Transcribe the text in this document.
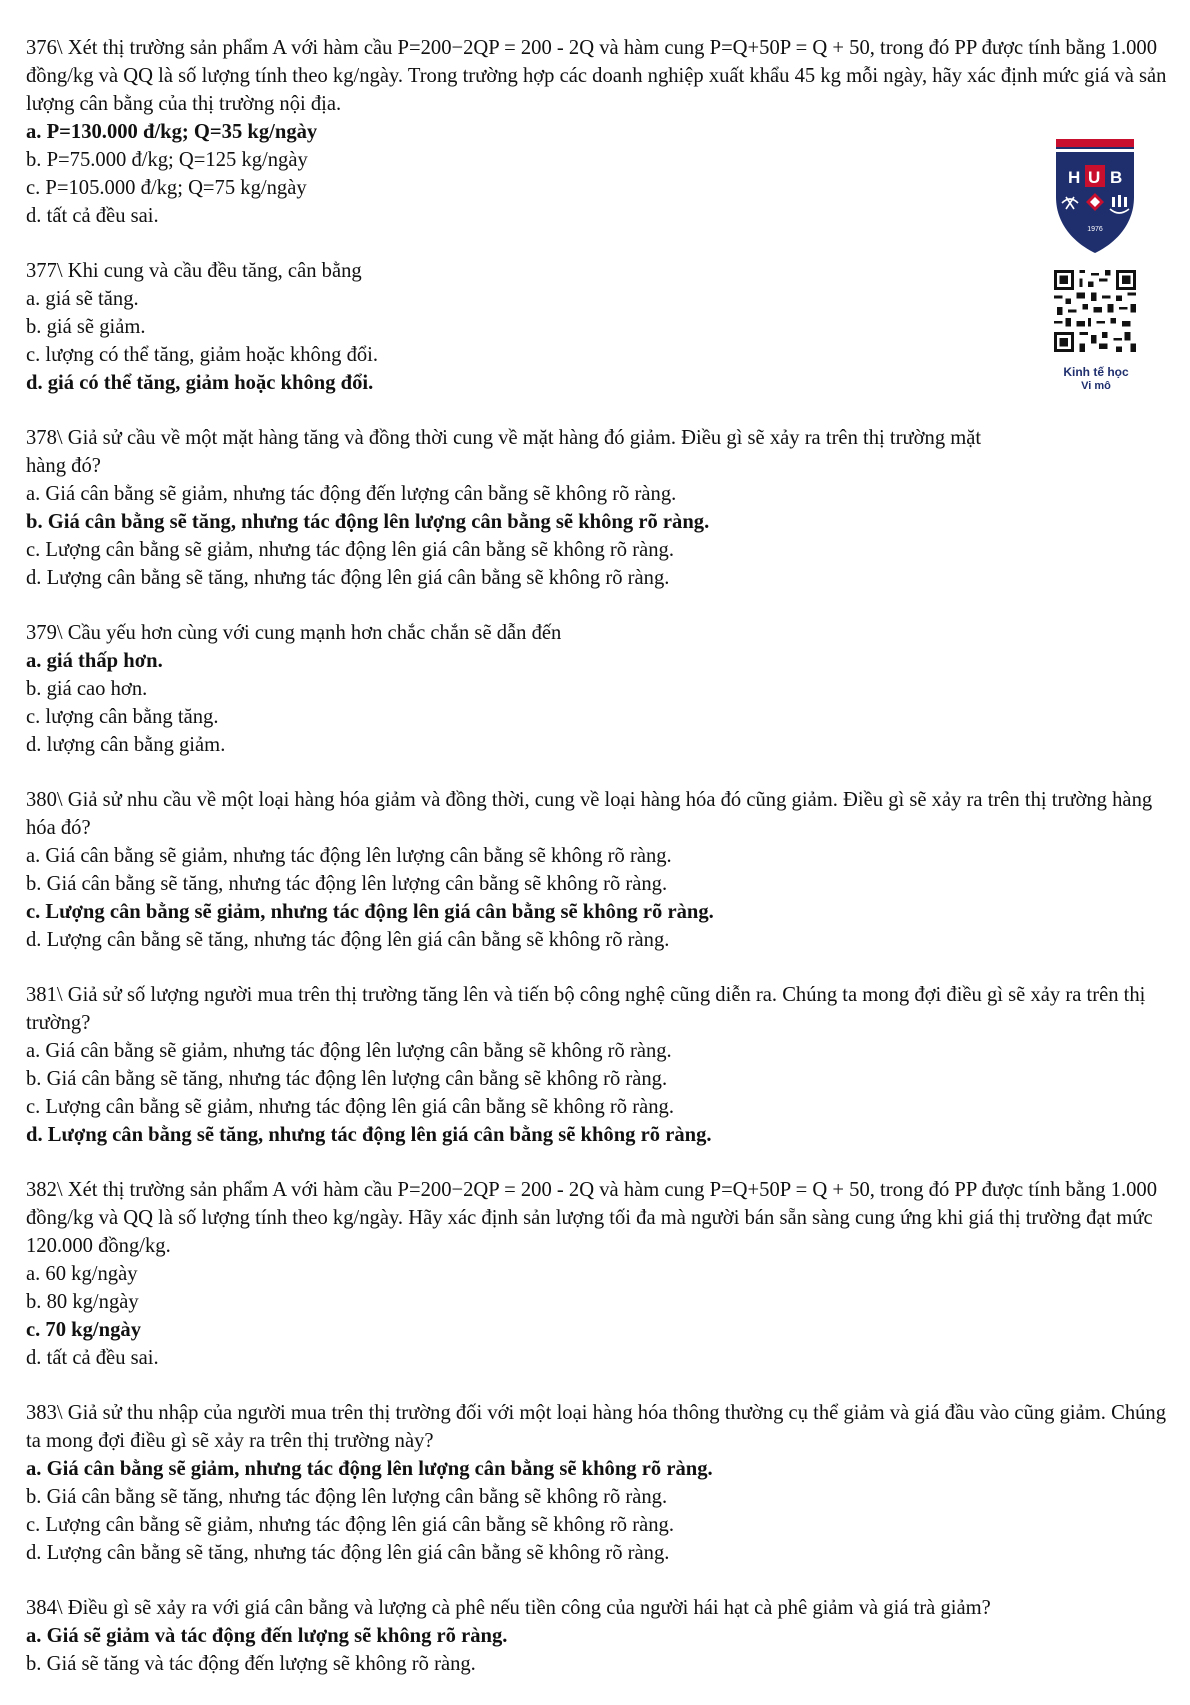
376\ Xét thị trường sản phẩm A với hàm cầu P=200−2QP = 200 - 2Q và hàm cung P=Q+50P = Q + 50, trong đó PP được tính bằng 1.000 đồng/kg và QQ là số lượng tính theo kg/ngày. Trong trường hợp các doanh nghiệp xuất khẩu 45 kg mỗi ngày, hãy xác định mức giá và sản lượng cân bằng của thị trường nội địa.

a. P=130.000 đ/kg; Q=35 kg/ngày

b. P=75.000 đ/kg; Q=125 kg/ngày

c. P=105.000 đ/kg; Q=75 kg/ngày

d. tất cả đều sai.

377\ Khi cung và cầu đều tăng, cân bằng

a. giá sẽ tăng.

b. giá sẽ giảm.

c. lượng có thể tăng, giảm hoặc không đổi.

d. giá có thể tăng, giảm hoặc không đổi.

378\ Giả sử cầu về một mặt hàng tăng và đồng thời cung về mặt hàng đó giảm. Điều gì sẽ xảy ra trên thị trường mặt hàng đó?

a. Giá cân bằng sẽ giảm, nhưng tác động đến lượng cân bằng sẽ không rõ ràng.

b. Giá cân bằng sẽ tăng, nhưng tác động lên lượng cân bằng sẽ không rõ ràng.

c. Lượng cân bằng sẽ giảm, nhưng tác động lên giá cân bằng sẽ không rõ ràng.

d. Lượng cân bằng sẽ tăng, nhưng tác động lên giá cân bằng sẽ không rõ ràng.

379\ Cầu yếu hơn cùng với cung mạnh hơn chắc chắn sẽ dẫn đến

a. giá thấp hơn.

b. giá cao hơn.

c. lượng cân bằng tăng.

d. lượng cân bằng giảm.

380\ Giả sử nhu cầu về một loại hàng hóa giảm và đồng thời, cung về loại hàng hóa đó cũng giảm. Điều gì sẽ xảy ra trên thị trường hàng hóa đó?

a. Giá cân bằng sẽ giảm, nhưng tác động lên lượng cân bằng sẽ không rõ ràng.

b. Giá cân bằng sẽ tăng, nhưng tác động lên lượng cân bằng sẽ không rõ ràng.

c. Lượng cân bằng sẽ giảm, nhưng tác động lên giá cân bằng sẽ không rõ ràng.

d. Lượng cân bằng sẽ tăng, nhưng tác động lên giá cân bằng sẽ không rõ ràng.

381\ Giả sử số lượng người mua trên thị trường tăng lên và tiến bộ công nghệ cũng diễn ra. Chúng ta mong đợi điều gì sẽ xảy ra trên thị trường?

a. Giá cân bằng sẽ giảm, nhưng tác động lên lượng cân bằng sẽ không rõ ràng.

b. Giá cân bằng sẽ tăng, nhưng tác động lên lượng cân bằng sẽ không rõ ràng.

c. Lượng cân bằng sẽ giảm, nhưng tác động lên giá cân bằng sẽ không rõ ràng.

d. Lượng cân bằng sẽ tăng, nhưng tác động lên giá cân bằng sẽ không rõ ràng.

382\ Xét thị trường sản phẩm A với hàm cầu P=200−2QP = 200 - 2Q và hàm cung P=Q+50P = Q + 50, trong đó PP được tính bằng 1.000 đồng/kg và QQ là số lượng tính theo kg/ngày. Hãy xác định sản lượng tối đa mà người bán sẵn sàng cung ứng khi giá thị trường đạt mức 120.000 đồng/kg.

a. 60 kg/ngày

b. 80 kg/ngày

c. 70 kg/ngày

d. tất cả đều sai.

383\ Giả sử thu nhập của người mua trên thị trường đối với một loại hàng hóa thông thường cụ thể giảm và giá đầu vào cũng giảm. Chúng ta mong đợi điều gì sẽ xảy ra trên thị trường này?

a. Giá cân bằng sẽ giảm, nhưng tác động lên lượng cân bằng sẽ không rõ ràng.

b. Giá cân bằng sẽ tăng, nhưng tác động lên lượng cân bằng sẽ không rõ ràng.

c. Lượng cân bằng sẽ giảm, nhưng tác động lên giá cân bằng sẽ không rõ ràng.

d. Lượng cân bằng sẽ tăng, nhưng tác động lên giá cân bằng sẽ không rõ ràng.

384\ Điều gì sẽ xảy ra với giá cân bằng và lượng cà phê nếu tiền công của người hái hạt cà phê giảm và giá trà giảm?

a. Giá sẽ giảm và tác động đến lượng sẽ không rõ ràng.

b. Giá sẽ tăng và tác động đến lượng sẽ không rõ ràng.

H U B
1976
Kinh tế học
Vi mô
